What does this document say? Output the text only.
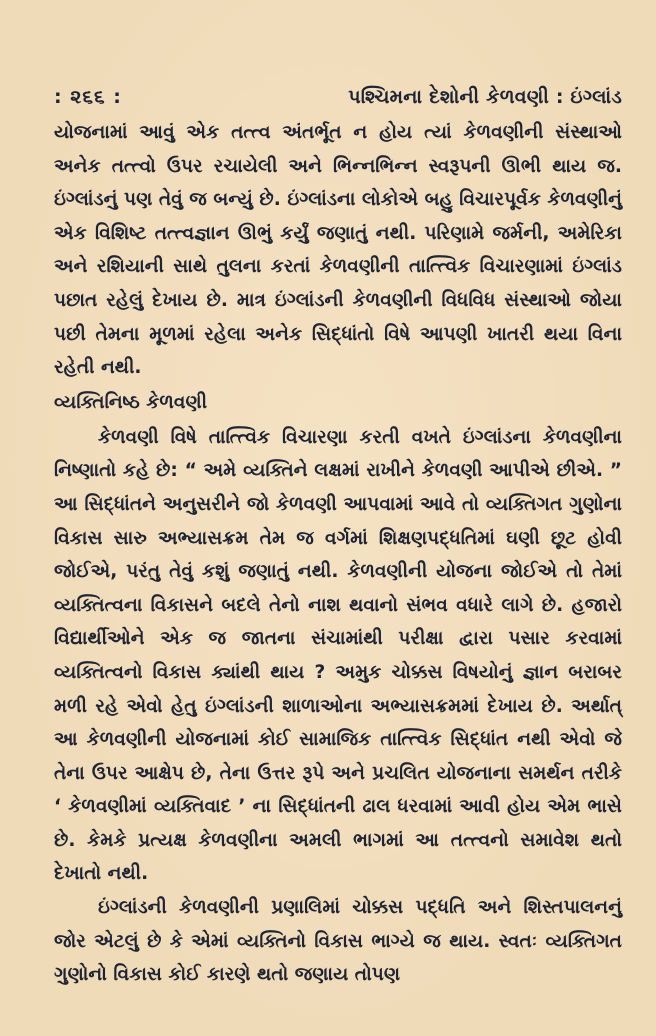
: ૨૬૬ :	પશ્ચિમના દેશોની કેળવણી : ઇંગ્લાંડ

યોજનામાં આવું એક તત્ત્વ અંતર્ભૂત ન હોય ત્યાં કેળવણીની સંસ્થાઓ અનેક તત્ત્વો ઉપર રચાયેલી અને ભિન્નભિન્ન સ્વરૂપની ઊભી થાય જ. ઇંગ્લાંડનું પણ તેવું જ બન્યું છે. ઇંગ્લાંડના લોકોએ બહુ વિચારપૂર્વક કેળવણીનું એક વિશિષ્ટ તત્ત્વજ્ઞાન ઊભું કર્યું જણાતું નથી. પરિણામે જર્મની, અમેરિકા અને રશિયાની સાથે તુલના કરતાં કેળવણીની તાત્ત્વિક વિચારણામાં ઇંગ્લાંડ પછાત રહેલું દેખાય છે. માત્ર ઇંગ્લાંડની કેળવણીની વિધવિધ સંસ્થાઓ જોયા પછી તેમના મૂળમાં રહેલા અનેક સિદ્ધાંતો વિષે આપણી ખાતરી થયા વિના રહેતી નથી.

વ્યક્તિનિષ્ઠ કેળવણી

કેળવણી વિષે તાત્ત્વિક વિચારણા કરતી વખતે ઇંગ્લાંડના કેળવણીના નિષ્ણાતો કહે છે: “ અમે વ્યક્તિને લક્ષમાં રાખીને કેળવણી આપીએ છીએ. ” આ સિદ્ધાંતને અનુસરીને જો કેળવણી આપવામાં આવે તો વ્યક્તિગત ગુણોના વિકાસ સારુ અભ્યાસક્રમ તેમ જ વર્ગમાં શિક્ષણપદ્ધતિમાં ઘણી છૂટ હોવી જોઈએ, પરંતુ તેવું કશું જણાતું નથી. કેળવણીની યોજના જોઈએ તો તેમાં વ્યક્તિત્વના વિકાસને બદલે તેનો નાશ થવાનો સંભવ વધારે લાગે છે. હજારો વિદ્યાર્થીઓને એક જ જાતના સંચામાંથી પરીક્ષા દ્વારા પસાર કરવામાં વ્યક્તિત્વનો વિકાસ ક્યાંથી થાય ? અમુક ચોક્કસ વિષયોનું જ્ઞાન બરાબર મળી રહે એવો હેતુ ઇંગ્લાંડની શાળાઓના અભ્યાસક્રમમાં દેખાય છે. અર્થાત્ આ કેળવણીની યોજનામાં કોઈ સામાજિક તાત્ત્વિક સિદ્ધાંત નથી એવો જે તેના ઉપર આક્ષેપ છે, તેના ઉત્તર રૂપે અને પ્રચલિત યોજનાના સમર્થન તરીકે ‘ કેળવણીમાં વ્યક્તિવાદ ’ ના સિદ્ધાંતની ઢાલ ધરવામાં આવી હોય એમ ભાસે છે. કેમકે પ્રત્યક્ષ કેળવણીના અમલી ભાગમાં આ તત્ત્વનો સમાવેશ થતો દેખાતો નથી.

ઇંગ્લાંડની કેળવણીની પ્રણાલિમાં ચોક્કસ પદ્ધતિ અને શિસ્તપાલનનું જોર એટલું છે કે એમાં વ્યક્તિનો વિકાસ ભાગ્યે જ થાય. સ્વતઃ વ્યક્તિગત ગુણોનો વિકાસ કોઈ કારણે થતો જણાય તોપણ
